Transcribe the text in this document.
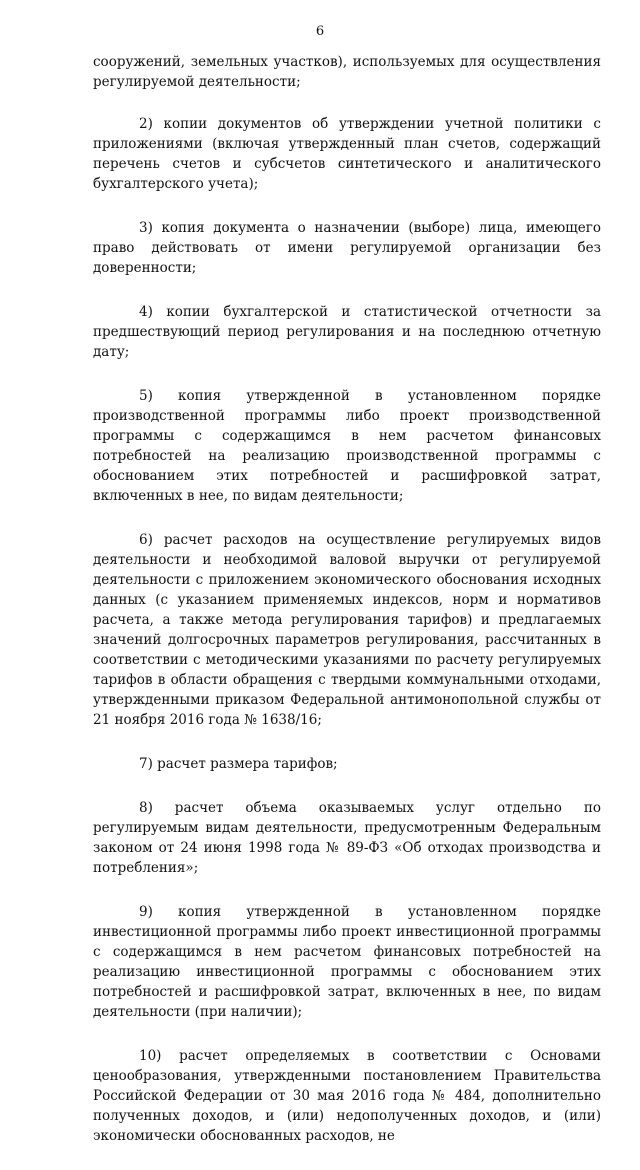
6

сооружений, земельных участков), используемых для осуществления регулируемой деятельности;

2) копии документов об утверждении учетной политики с приложениями (включая утвержденный план счетов, содержащий перечень счетов и субсчетов синтетического и аналитического бухгалтерского учета);

3) копия документа о назначении (выборе) лица, имеющего право действовать от имени регулируемой организации без доверенности;

4) копии бухгалтерской и статистической отчетности за предшествующий период регулирования и на последнюю отчетную дату;

5) копия утвержденной в установленном порядке производственной программы либо проект производственной программы с содержащимся в нем расчетом финансовых потребностей на реализацию производственной программы с обоснованием этих потребностей и расшифровкой затрат, включенных в нее, по видам деятельности;

6) расчет расходов на осуществление регулируемых видов деятельности и необходимой валовой выручки от регулируемой деятельности с приложением экономического обоснования исходных данных (с указанием применяемых индексов, норм и нормативов расчета, а также метода регулирования тарифов) и предлагаемых значений долгосрочных параметров регулирования, рассчитанных в соответствии с методическими указаниями по расчету регулируемых тарифов в области обращения с твердыми коммунальными отходами, утвержденными приказом Федеральной антимонопольной службы от 21 ноября 2016 года № 1638/16;

7) расчет размера тарифов;

8) расчет объема оказываемых услуг отдельно по регулируемым видам деятельности, предусмотренным Федеральным законом от 24 июня 1998 года № 89-ФЗ «Об отходах производства и потребления»;

9) копия утвержденной в установленном порядке инвестиционной программы либо проект инвестиционной программы с содержащимся в нем расчетом финансовых потребностей на реализацию инвестиционной программы с обоснованием этих потребностей и расшифровкой затрат, включенных в нее, по видам деятельности (при наличии);

10) расчет определяемых в соответствии с Основами ценообразования, утвержденными постановлением Правительства Российской Федерации от 30 мая 2016 года № 484, дополнительно полученных доходов, и (или) недополученных доходов, и (или) экономически обоснованных расходов, не
